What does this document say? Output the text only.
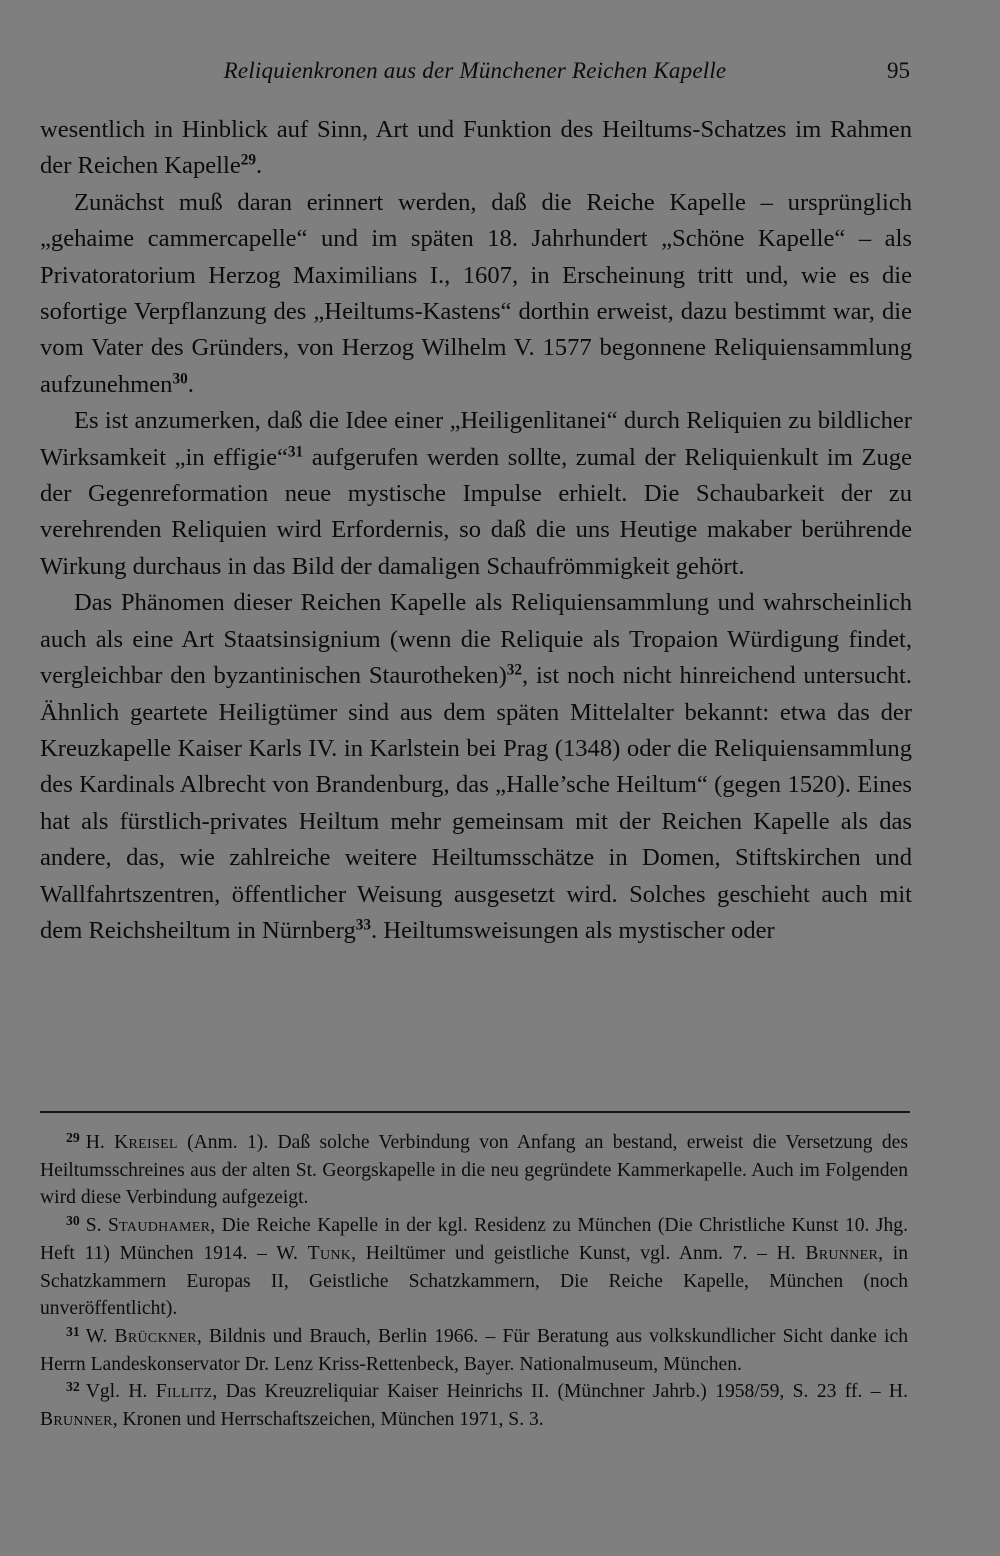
Reliquienkronen aus der Münchener Reichen Kapelle	95

wesentlich in Hinblick auf Sinn, Art und Funktion des Heiltums-Schatzes im Rahmen der Reichen Kapelle$^{29}$.

Zunächst muß daran erinnert werden, daß die Reiche Kapelle – ursprünglich „gehaime cammercapelle“ und im späten 18. Jahrhundert „Schöne Kapelle“ – als Privatoratorium Herzog Maximilians I., 1607, in Erscheinung tritt und, wie es die sofortige Verpflanzung des „Heiltums-Kastens“ dorthin erweist, dazu bestimmt war, die vom Vater des Gründers, von Herzog Wilhelm V. 1577 begonnene Reliquiensammlung aufzunehmen$^{30}$.

Es ist anzumerken, daß die Idee einer „Heiligenlitanei“ durch Reliquien zu bildlicher Wirksamkeit „in effigie“$^{31}$ aufgerufen werden sollte, zumal der Reliquienkult im Zuge der Gegenreformation neue mystische Impulse erhielt. Die Schaubarkeit der zu verehrenden Reliquien wird Erfordernis, so daß die uns Heutige makaber berührende Wirkung durchaus in das Bild der damaligen Schaufrömmigkeit gehört.

Das Phänomen dieser Reichen Kapelle als Reliquiensammlung und wahrscheinlich auch als eine Art Staatsinsignium (wenn die Reliquie als Tropaion Würdigung findet, vergleichbar den byzantinischen Staurotheken)$^{32}$, ist noch nicht hinreichend untersucht. Ähnlich geartete Heiligtümer sind aus dem späten Mittelalter bekannt: etwa das der Kreuzkapelle Kaiser Karls IV. in Karlstein bei Prag (1348) oder die Reliquiensammlung des Kardinals Albrecht von Brandenburg, das „Halle’sche Heiltum“ (gegen 1520). Eines hat als fürstlich-privates Heiltum mehr gemeinsam mit der Reichen Kapelle als das andere, das, wie zahlreiche weitere Heiltumsschätze in Domen, Stiftskirchen und Wallfahrtszentren, öffentlicher Weisung ausgesetzt wird. Solches geschieht auch mit dem Reichsheiltum in Nürnberg$^{33}$. Heiltumsweisungen als mystischer oder

$^{29}$ H. Kreisel (Anm. 1). Daß solche Verbindung von Anfang an bestand, erweist die Versetzung des Heiltumsschreines aus der alten St. Georgskapelle in die neu gegründete Kammerkapelle. Auch im Folgenden wird diese Verbindung aufgezeigt.

$^{30}$ S. Staudhamer, Die Reiche Kapelle in der kgl. Residenz zu München (Die Christliche Kunst 10. Jhg. Heft 11) München 1914. – W. Tunk, Heiltümer und geistliche Kunst, vgl. Anm. 7. – H. Brunner, in Schatzkammern Europas II, Geistliche Schatzkammern, Die Reiche Kapelle, München (noch unveröffentlicht).

$^{31}$ W. Brückner, Bildnis und Brauch, Berlin 1966. – Für Beratung aus volkskundlicher Sicht danke ich Herrn Landeskonservator Dr. Lenz Kriss-Rettenbeck, Bayer. Nationalmuseum, München.

$^{32}$ Vgl. H. Fillitz, Das Kreuzreliquiar Kaiser Heinrichs II. (Münchner Jahrb.) 1958/59, S. 23 ff. – H. Brunner, Kronen und Herrschaftszeichen, München 1971, S. 3.
